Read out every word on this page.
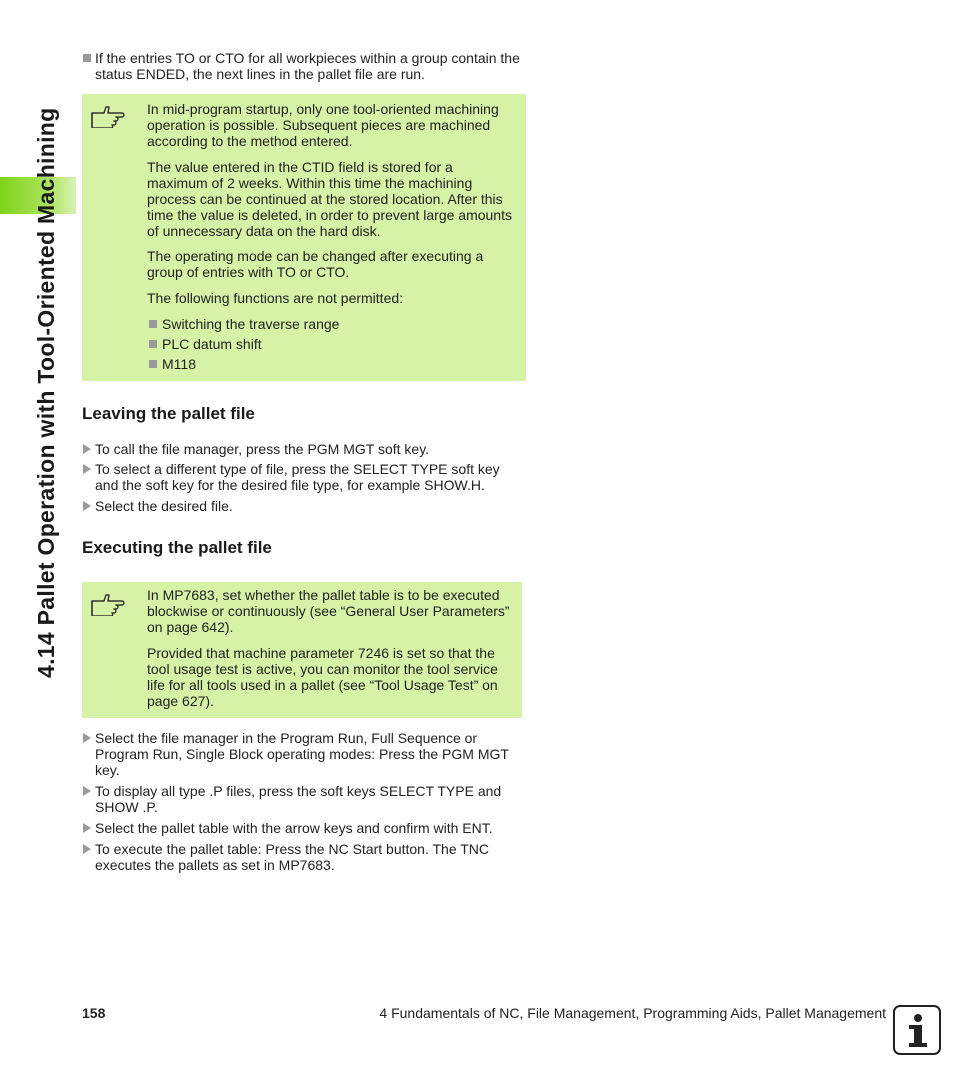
4.14 Pallet Operation with Tool-Oriented Machining
If the entries TO or CTO for all workpieces within a group contain the status ENDED, the next lines in the pallet file are run.

In mid-program startup, only one tool-oriented machining operation is possible. Subsequent pieces are machined according to the method entered.

The value entered in the CTID field is stored for a maximum of 2 weeks. Within this time the machining process can be continued at the stored location. After this time the value is deleted, in order to prevent large amounts of unnecessary data on the hard disk.

The operating mode can be changed after executing a group of entries with TO or CTO.

The following functions are not permitted:

Switching the traverse range
PLC datum shift
M118
Leaving the pallet file
To call the file manager, press the PGM MGT soft key.
To select a different type of file, press the SELECT TYPE soft key and the soft key for the desired file type, for example SHOW.H.
Select the desired file.
Executing the pallet file

In MP7683, set whether the pallet table is to be executed blockwise or continuously (see “General User Parameters” on page 642).

Provided that machine parameter 7246 is set so that the tool usage test is active, you can monitor the tool service life for all tools used in a pallet (see “Tool Usage Test” on page 627).

Select the file manager in the Program Run, Full Sequence or Program Run, Single Block operating modes: Press the PGM MGT key.
To display all type .P files, press the soft keys SELECT TYPE and SHOW .P.
Select the pallet table with the arrow keys and confirm with ENT.
To execute the pallet table: Press the NC Start button. The TNC executes the pallets as set in MP7683.
158	4 Fundamentals of NC, File Management, Programming Aids, Pallet Management
